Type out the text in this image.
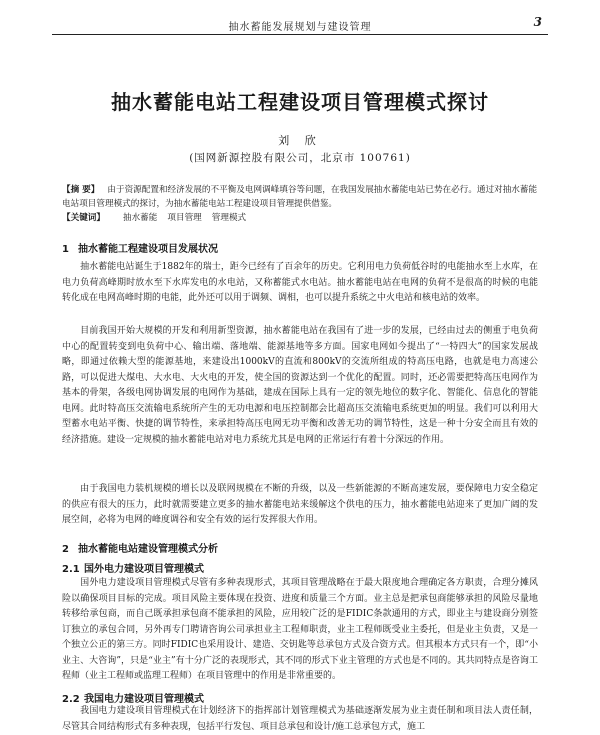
抽水蓄能发展规划与建设管理	3
抽水蓄能电站工程建设项目管理模式探讨
刘 欣
(国网新源控股有限公司，北京市 100761)

【摘 要】 由于资源配置和经济发展的不平衡及电网调峰填谷等问题，在我国发展抽水蓄能电站已势在必行。通过对抽水蓄能电站项目管理模式的探讨，为抽水蓄能电站工程建设项目管理提供借鉴。

【关键词】 抽水蓄能 项目管理 管理模式

1 抽水蓄能工程建设项目发展状况

抽水蓄能电站诞生于1882年的瑞士，距今已经有了百余年的历史。它利用电力负荷低谷时的电能抽水至上水库，在电力负荷高峰期时放水至下水库发电的水电站，又称蓄能式水电站。抽水蓄能电站在电网的负荷不是很高的时候的电能转化成在电网高峰时期的电能，此外还可以用于调频、调相，也可以提升系统之中火电站和核电站的效率。

目前我国开始大规模的开发和利用新型资源，抽水蓄能电站在我国有了进一步的发展，已经由过去的侧重于电负荷中心的配置转变到电负荷中心、输出端、落地端、能源基地等多方面。国家电网如今提出了“一特四大”的国家发展战略，即通过依赖大型的能源基地，来建设出1000kV的直流和800kV的交流所组成的特高压电路，也就是电力高速公路，可以促进大煤电、大水电、大火电的开发，使全国的资源达到一个优化的配置。同时，还必需要把特高压电网作为基本的骨架，各级电网协调发展的电网作为基础，建成在国际上具有一定的领先地位的数字化、智能化、信息化的智能电网。此时特高压交流输电系统所产生的无功电源和电压控制都会比超高压交流输电系统更加的明显。我们可以利用大型蓄水电站平衡、快捷的调节特性，来承担特高压电网无功平衡和改善无功的调节特性，这是一种十分安全而且有效的经济措施。建设一定规模的抽水蓄能电站对电力系统尤其是电网的正常运行有着十分深远的作用。

由于我国电力装机规模的增长以及联网规模在不断的升级，以及一些新能源的不断高速发展，要保障电力安全稳定的供应有很大的压力，此时就需要建立更多的抽水蓄能电站来缓解这个供电的压力，抽水蓄能电站迎来了更加广阔的发展空间，必将为电网的峰度调谷和安全有效的运行发挥很大作用。

2 抽水蓄能电站建设管理模式分析
2.1 国外电力建设项目管理模式

国外电力建设项目管理模式尽管有多种表现形式，其项目管理战略在于最大限度地合理确定各方职责，合理分摊风险以确保项目目标的完成。项目风险主要体现在投资、进度和质量三个方面。业主总是把承包商能够承担的风险尽量地转移给承包商，而自己既承担承包商不能承担的风险，应用较广泛的是FIDIC条款通用的方式，即业主与建设商分别签订独立的承包合同，另外再专门聘请咨询公司承担业主工程师职责，业主工程师既受业主委托，但是业主负责，又是一个独立公正的第三方。同时FIDIC也采用设计、建造、交钥匙等总承包方式及合资方式。但其根本方式只有一个，即“小业主、大咨询”，只是“业主”有十分广泛的表现形式，其不同的形式下业主管理的方式也是不同的。其共同特点是咨询工程师（业主工程师或监理工程师）在项目管理中的作用是非常重要的。

2.2 我国电力建设项目管理模式

我国电力建设项目管理模式在计划经济下的指挥部计划管理模式为基础逐渐发展为业主责任制和项目法人责任制，尽管其合同结构形式有多种表现，包括平行发包、项目总承包和设计/施工总承包方式，施工
